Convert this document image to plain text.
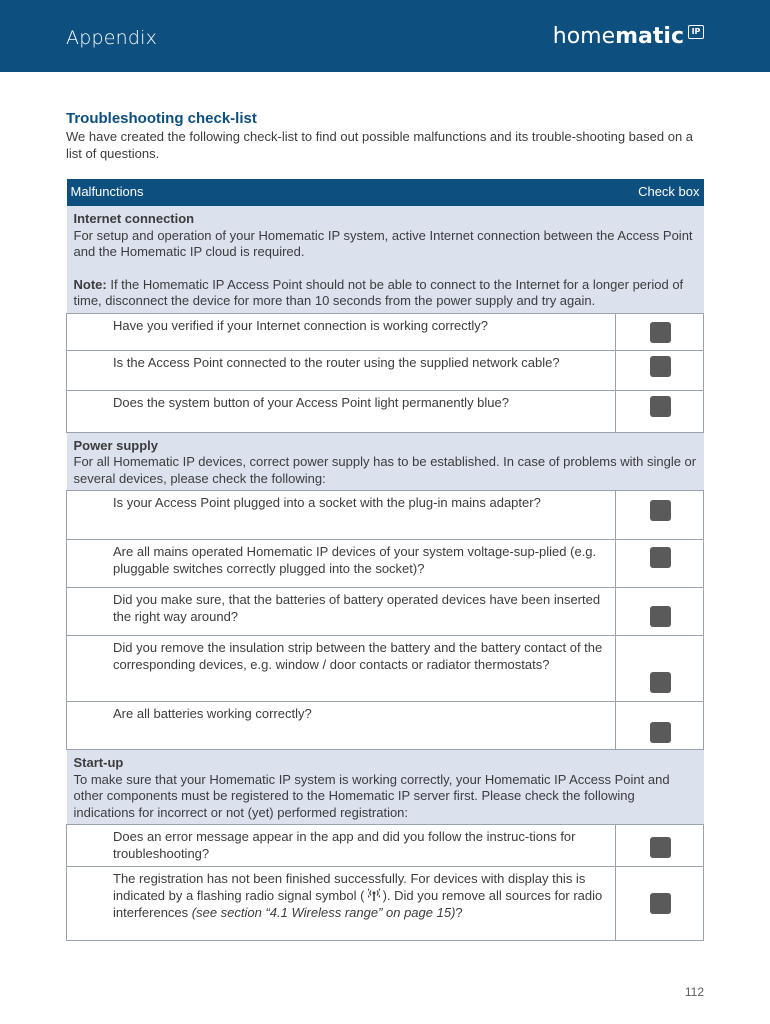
Appendix	home matic IP
Troubleshooting check-list
We have created the following check-list to find out possible malfunctions and its trouble-shooting based on a list of questions.
Malfunctions	Check box

Internet connection
For setup and operation of your Homematic IP system, active Internet connection between the Access Point and the Homematic IP cloud is required.

Note: If the Homematic IP Access Point should not be able to connect to the Internet for a longer period of time, disconnect the device for more than 10 seconds from the power supply and try again.	

Have you verified if your Internet connection is working correctly?	

Is the Access Point connected to the router using the supplied network cable?	

Does the system button of your Access Point light permanently blue?	

Power supply
For all Homematic IP devices, correct power supply has to be established. In case of problems with single or several devices, please check the following:	

Is your Access Point plugged into a socket with the plug-in mains adapter?	

Are all mains operated Homematic IP devices of your system voltage-sup-plied (e.g. pluggable switches correctly plugged into the socket)?	

Did you make sure, that the batteries of battery operated devices have been inserted the right way around?	

Did you remove the insulation strip between the battery and the battery contact of the corresponding devices, e.g. window / door contacts or radiator thermostats?	

Are all batteries working correctly?	

Start-up
To make sure that your Homematic IP system is working correctly, your Homematic IP Access Point and other components must be registered to the Homematic IP server first. Please check the following indications for incorrect or not (yet) performed registration:	

Does an error message appear in the app and did you follow the instruc-tions for troubleshooting?	

The registration has not been finished successfully. For devices with display this is indicated by a flashing radio signal symbol ( ). Did you remove all sources for radio interferences (see section “4.1 Wireless range” on page 15)?	
112
